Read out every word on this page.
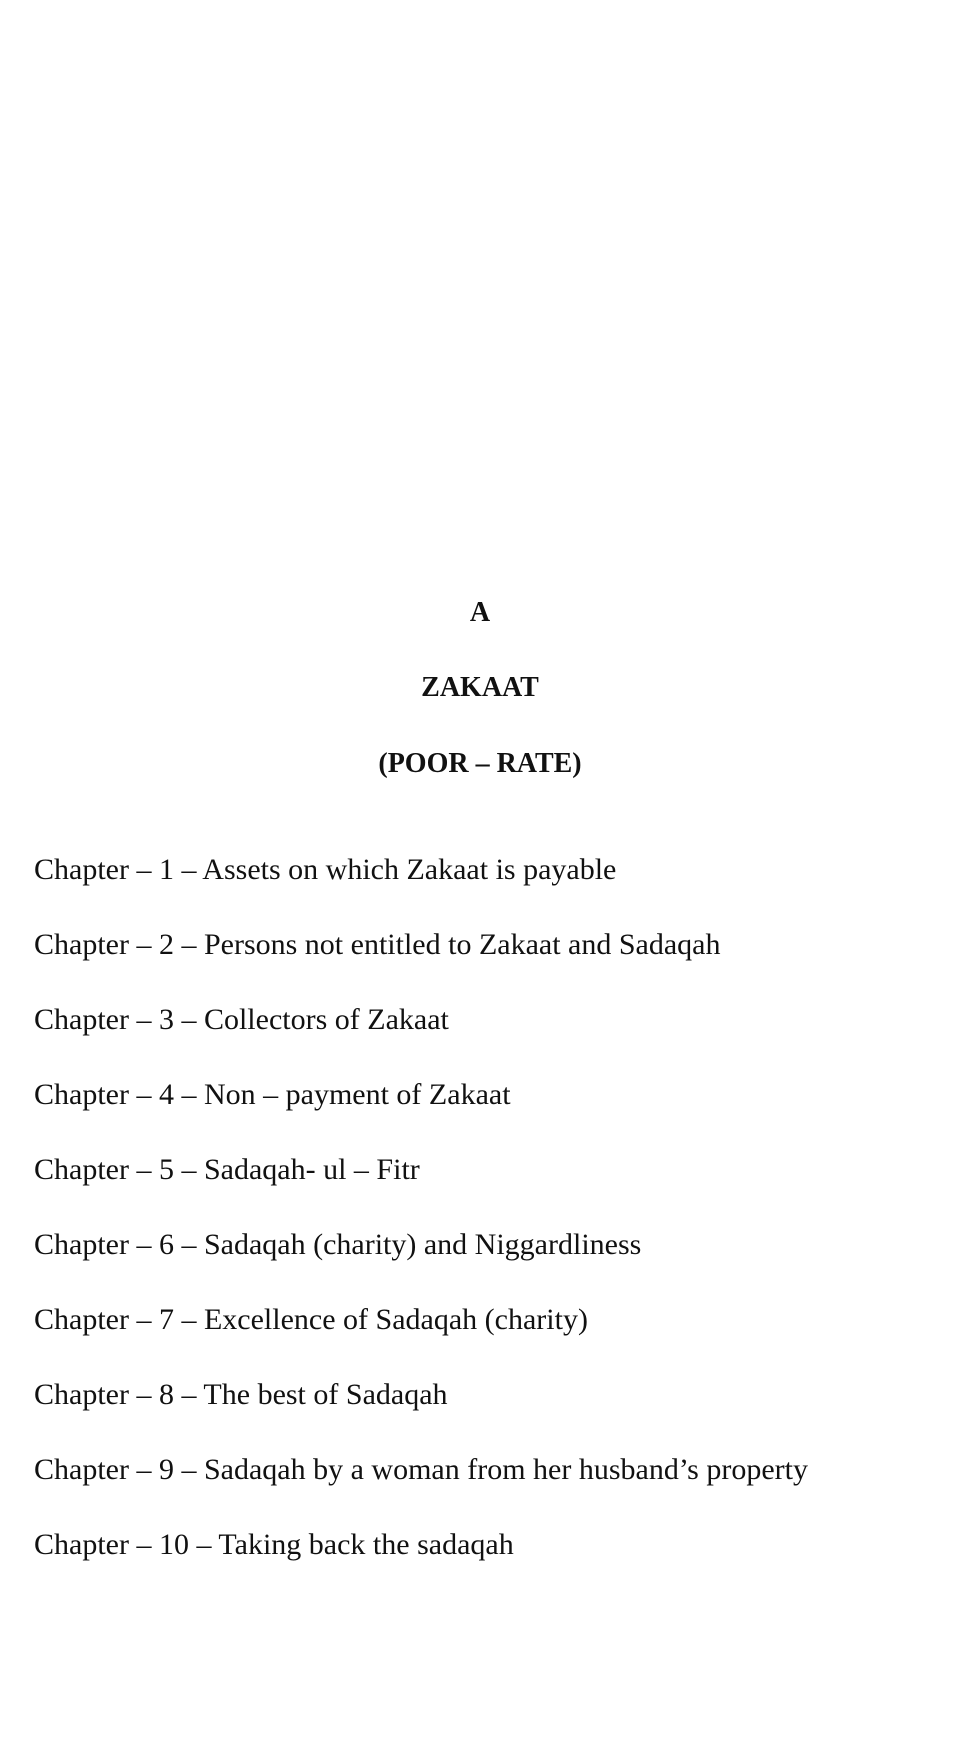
A
ZAKAAT
(POOR – RATE)
Chapter – 1 – Assets on which Zakaat is payable
Chapter – 2 – Persons not entitled to Zakaat and Sadaqah
Chapter – 3 – Collectors of Zakaat
Chapter – 4 – Non – payment of Zakaat
Chapter – 5 – Sadaqah- ul – Fitr
Chapter – 6 – Sadaqah (charity) and Niggardliness
Chapter – 7 – Excellence of Sadaqah (charity)
Chapter – 8 – The best of Sadaqah
Chapter – 9 – Sadaqah by a woman from her husband’s property
Chapter – 10 – Taking back the sadaqah
